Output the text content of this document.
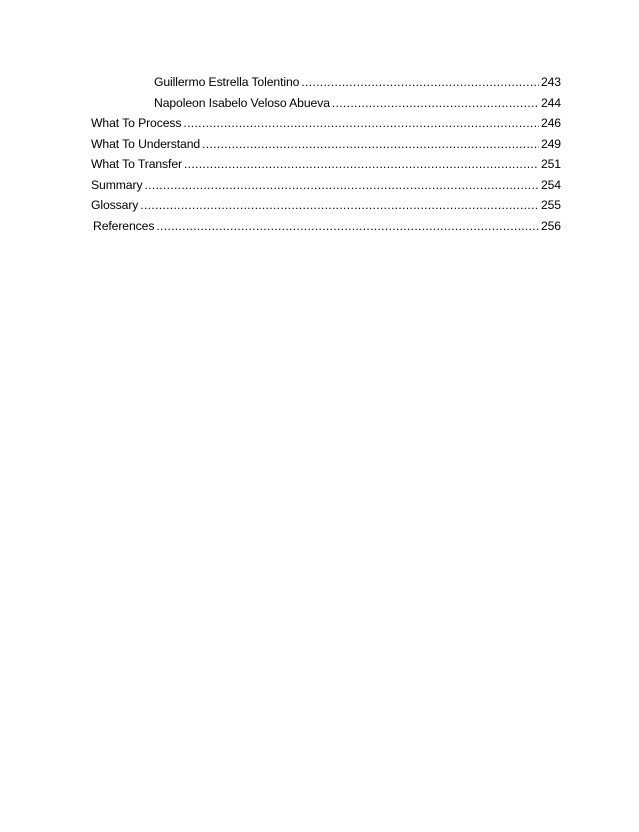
Guillermo Estrella Tolentino .....	243
Napoleon Isabelo Veloso Abueva .....	244
What To Process .....	246
What To Understand .....	249
What To Transfer .....	251
Summary .....	254
Glossary .....	255
References .....	256
